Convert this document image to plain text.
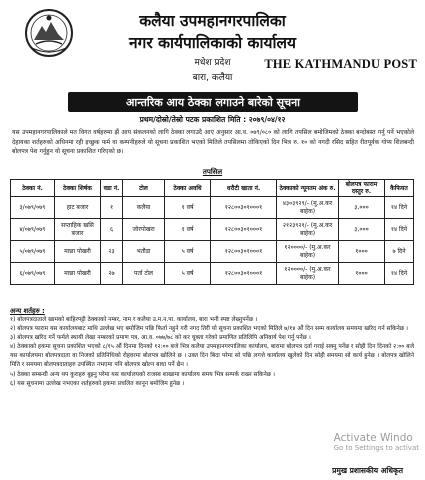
कलैया उपमहानगरपालिका
नगर कार्यपालिकाको कार्यालय
मधेश प्रदेश
बारा, कलैया
THE KATHMANDU POST
आन्तरिक आय ठेक्का लगाउने बारेको सूचना
प्रथम/दोस्रो/तेस्रो पटक प्रकाशित मिति : २०७९/०४/१२
यस उपमहानगरपालिकाले मत विगत वर्षहरुमा झैं आय संकलनको लागि ठेक्का लगाउदै आए अनुसार आ.व. ०७९/०८० को लागि तपसिल बमोजिमको ठेक्का बन्दोबस्त गर्नु पर्ने भएकोले देहायका शर्तहरुको अधिनमा रही इच्छुक फर्म वा कम्पनीहरुले यो सूचना प्रकाशित भएको मितिले तपसिलमा तोकिएको दिन भित्र रु. १० को नगदी रसिद सहित रीतपूर्वक गोप्य शिलबन्दी बोलपत्र पेश गर्नुहुन यो सूचना प्रकाशित गरिएको छ।
तपसिल
ठेक्का नं.	ठेक्का शिर्षक	वडा नं.	टोल	ठेक्का अवधि	धरौटी खाता नं.	ठेक्काको न्यूनतम अंक रु.	बोलपत्र फाराम दस्तुर रु.	कैफियत
३/०७९/०७९	हाट बजार	१	कलैया	१ वर्ष	१२८००३०१०००१	४३०३९२९/- (मु.अ.कर बाहेक)	३,०००	१४ दिने
४/०७९/०७९	सप्ताहिक खसि बजार	६	जोरपोखरा	१ वर्ष	१२८००३०१०००१	२१२३९२१/- (मु.अ.कर बाहेक)	३,०००	१४ दिने
५/०७९/०७९	माछा पोखरी	२३	भतौडा	५ वर्ष	१२८००३०१०००१	१२००००/- (मु.अ.कर बाहेक)	१०००	७ दिने
६/०७९/०७९	माछा पोखरी	२७	पर्ता टोल	५ वर्ष	१२८००३०१०००१	१२००००/- (मु.अ.कर बाहेक)	१०००	१४ दिने
अन्य शर्तहरु :

१) बोलपत्रदाताले खामको बाहिरपट्टी ठेक्काको नम्बर, नाम र कलैया उ.म.न.पा. कार्यालय, बारा भनी स्पष्ट लेख्नुपर्नेछ ।

२) बोलपत्र फाराम यस कार्यालयबाट माथि उल्लेख भए बमोजिम पछि फिर्ता नहुने गरी नगद तिरी यो सूचना प्रकाशित भएको मितिले ७/१४ औं दिन सम्म कार्यालय समयमा खरिद गर्न सकिनेछ ।

३) बोलपत्र खरिद गर्ने फर्मले स्थायी लेखा नम्बरको प्रमाण पत्र, आ.व. ०७७/७८ को कर चुक्ता गरेको प्रमाणित प्रतिलिपि अनिवार्य पेश गर्नु पर्नेछ ।

४) ठेक्काको हकमा सूचना प्रकाशित भएको ८/१५ औं दिनमा दिनको १२:०० बजे भित्र कलैया उपमहानगरपालिका कार्यालय, बारामा बोलपत्र दर्ता गराई सक्नु पर्नेछ र सोही दिन दिनको २:०० बजे यस कार्यालयमा बोलपत्रदाता वा निजको प्रतिनिधिको रोहवरमा बोलपत्र खोलिने छ । उक्त दिन बिदा परेमा सो पछि लगत्ते कार्यालय खुलेको दिन सोही समयमा सो कार्य हुनेछ । बोलपत्र खोलिने मिति र समयमा बोलपत्रदाताहरु उपस्थित नभएमा पनि बोलपत्र खोल्न बाधा पर्ने छैन ।

५) ठेक्का सम्बन्धी अन्य थप कुराहरु बुझ्नु परेमा यस कार्यालयको राजस्व शाखामा कार्यालय समय भित्र सम्पर्क राख्न सकिनेछ ।

६) यस सूचनामा उल्लेख नभएका शर्तहरुको हकमा प्रचलित कानून बमोजिम हुनेछ ।

Activate Windo
Go to Settings to activat
प्रमुख प्रशासकीय अधिकृत
